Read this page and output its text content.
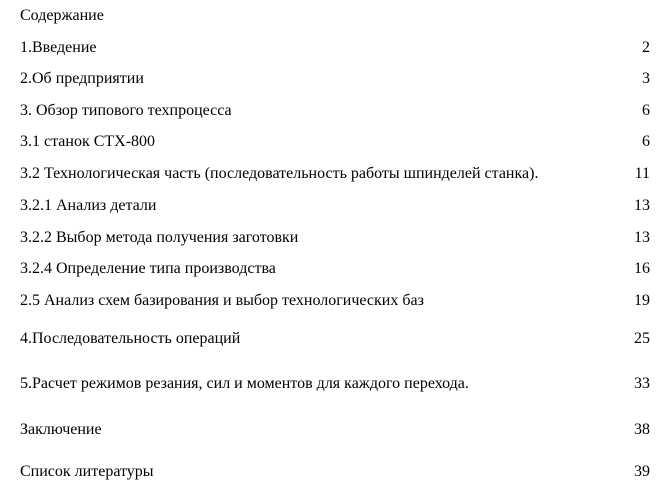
Содержание
1.Введение	2
2.Об предприятии	3
3. Обзор типового техпроцесса	6
3.1 станок CTX-800	6
3.2 Технологическая часть (последовательность работы шпинделей станка).	11
3.2.1 Анализ детали	13
3.2.2 Выбор метода получения заготовки	13
3.2.4 Определение типа производства	16
2.5 Анализ схем базирования и выбор технологических баз	19
4.Последовательность операций	25
5.Расчет режимов резания, сил и моментов для каждого перехода.	33
Заключение	38
Список литературы	39
